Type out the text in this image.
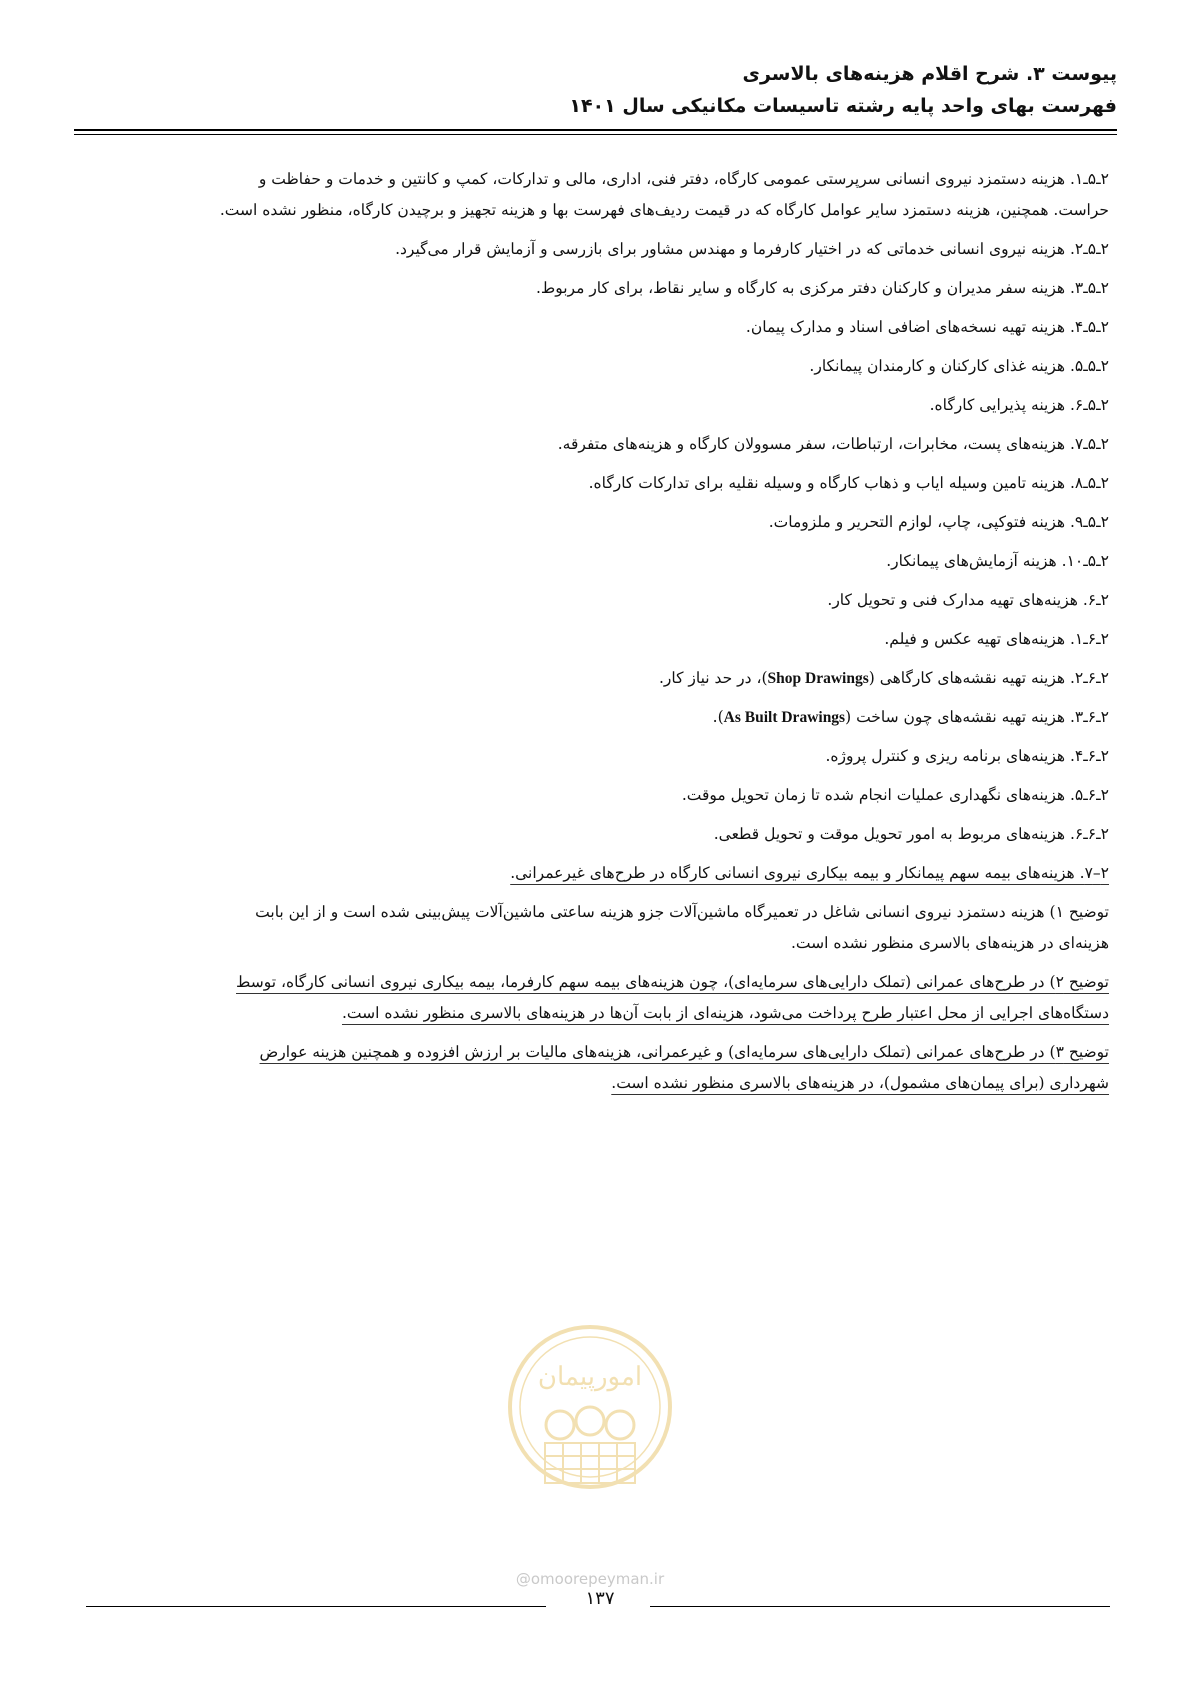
پیوست ۳. شرح اقلام هزینه‌های بالاسری
فهرست بهای واحد پایه رشته تاسیسات مکانیکی سال ۱۴۰۱
۲ـ۵ـ۱. هزینه دستمزد نیروی انسانی سرپرستی عمومی کارگاه، دفتر فنی، اداری، مالی و تدارکات، کمپ و کانتین و خدمات و حفاظت و
حراست. همچنین، هزینه دستمزد سایر عوامل کارگاه که در قیمت ردیف‌های فهرست بها و هزینه تجهیز و برچیدن کارگاه، منظور نشده است.
۲ـ۵ـ۲. هزینه نیروی انسانی خدماتی که در اختیار کارفرما و مهندس مشاور برای بازرسی و آزمایش قرار می‌گیرد.
۲ـ۵ـ۳. هزینه سفر مدیران و کارکنان دفتر مرکزی به کارگاه و سایر نقاط، برای کار مربوط.
۲ـ۵ـ۴. هزینه تهیه نسخه‌های اضافی اسناد و مدارک پیمان.
۲ـ۵ـ۵. هزینه غذای کارکنان و کارمندان پیمانکار.
۲ـ۵ـ۶. هزینه پذیرایی کارگاه.
۲ـ۵ـ۷. هزینه‌های پست، مخابرات، ارتباطات، سفر مسوولان کارگاه و هزینه‌های متفرقه.
۲ـ۵ـ۸. هزینه تامین وسیله ایاب و ذهاب کارگاه و وسیله نقلیه برای تدارکات کارگاه.
۲ـ۵ـ۹. هزینه فتوکپی، چاپ، لوازم التحریر و ملزومات.
۲ـ۵ـ۱۰. هزینه آزمایش‌های پیمانکار.
۲ـ۶. هزینه‌های تهیه مدارک فنی و تحویل کار.
۲ـ۶ـ۱. هزینه‌های تهیه عکس و فیلم.
۲ـ۶ـ۲. هزینه تهیه نقشه‌های کارگاهی (Shop Drawings)، در حد نیاز کار.
۲ـ۶ـ۳. هزینه تهیه نقشه‌های چون ساخت (As Built Drawings).
۲ـ۶ـ۴. هزینه‌های برنامه ریزی و کنترل پروژه.
۲ـ۶ـ۵. هزینه‌های نگهداری عملیات انجام شده تا زمان تحویل موقت.
۲ـ۶ـ۶. هزینه‌های مربوط به امور تحویل موقت و تحویل قطعی.
۲–۷. هزینه‌های بیمه سهم پیمانکار و بیمه بیکاری نیروی انسانی کارگاه در طرح‌های غیرعمرانی.
توضیح ۱) هزینه دستمزد نیروی انسانی شاغل در تعمیرگاه ماشین‌آلات جزو هزینه ساعتی ماشین‌آلات پیش‌بینی شده است و از این بابت
هزینه‌ای در هزینه‌های بالاسری منظور نشده است.
توضیح ۲) در طرح‌های عمرانی (تملک دارایی‌های سرمایه‌ای)، چون هزینه‌های بیمه سهم کارفرما، بیمه بیکاری نیروی انسانی کارگاه، توسط
دستگاه‌های اجرایی از محل اعتبار طرح پرداخت می‌شود، هزینه‌ای از بابت آن‌ها در هزینه‌های بالاسری منظور نشده است.
توضیح ۳) در طرح‌های عمرانی (تملک دارایی‌های سرمایه‌ای) و غیرعمرانی، هزینه‌های مالیات بر ارزش افزوده و همچنین هزینه عوارض
شهرداری (برای پیمان‌های مشمول)، در هزینه‌های بالاسری منظور نشده است.
امورپیمان
@omoorepeyman.ir
۱۳۷
